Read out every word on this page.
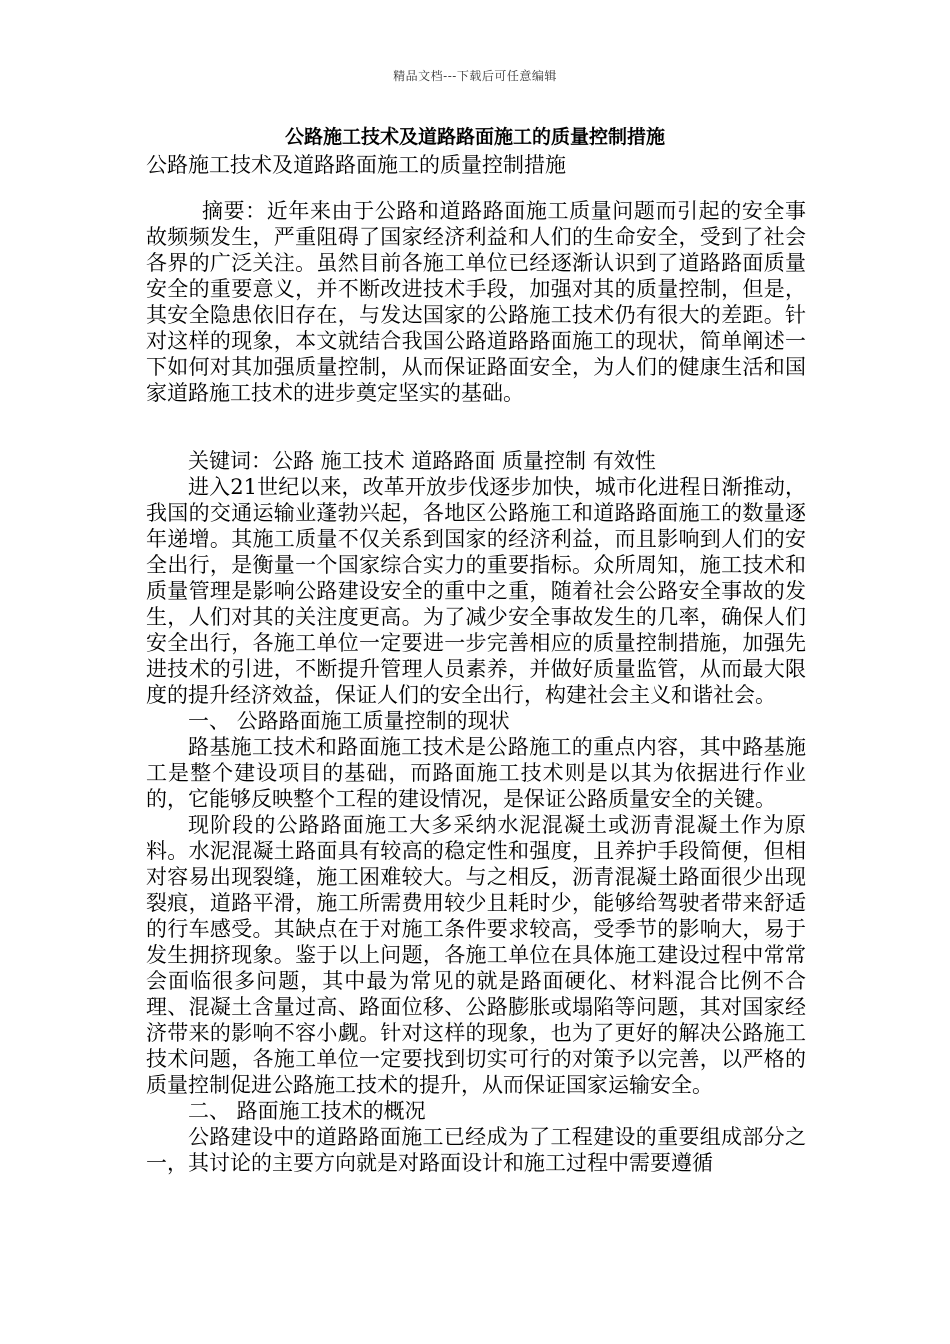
精品文档---下载后可任意编辑
公路施工技术及道路路面施工的质量控制措施
公路施工技术及道路路面施工的质量控制措施

摘要：近年来由于公路和道路路面施工质量问题而引起的安全事故频频发生，严重阻碍了国家经济利益和人们的生命安全，受到了社会各界的广泛关注。虽然目前各施工单位已经逐渐认识到了道路路面质量安全的重要意义，并不断改进技术手段，加强对其的质量控制，但是，其安全隐患依旧存在，与发达国家的公路施工技术仍有很大的差距。针对这样的现象，本文就结合我国公路道路路面施工的现状，简单阐述一下如何对其加强质量控制，从而保证路面安全，为人们的健康生活和国家道路施工技术的进步奠定坚实的基础。

关键词：公路 施工技术 道路路面 质量控制 有效性

进入21世纪以来，改革开放步伐逐步加快，城市化进程日渐推动，我国的交通运输业蓬勃兴起，各地区公路施工和道路路面施工的数量逐年递增。其施工质量不仅关系到国家的经济利益，而且影响到人们的安全出行，是衡量一个国家综合实力的重要指标。众所周知，施工技术和质量管理是影响公路建设安全的重中之重，随着社会公路安全事故的发生，人们对其的关注度更高。为了减少安全事故发生的几率，确保人们安全出行，各施工单位一定要进一步完善相应的质量控制措施，加强先进技术的引进，不断提升管理人员素养，并做好质量监管，从而最大限度的提升经济效益，保证人们的安全出行，构建社会主义和谐社会。

一、 公路路面施工质量控制的现状

路基施工技术和路面施工技术是公路施工的重点内容，其中路基施工是整个建设项目的基础，而路面施工技术则是以其为依据进行作业的，它能够反映整个工程的建设情况，是保证公路质量安全的关键。

现阶段的公路路面施工大多采纳水泥混凝土或沥青混凝土作为原料。水泥混凝土路面具有较高的稳定性和强度，且养护手段简便，但相对容易出现裂缝，施工困难较大。与之相反，沥青混凝土路面很少出现裂痕，道路平滑，施工所需费用较少且耗时少，能够给驾驶者带来舒适的行车感受。其缺点在于对施工条件要求较高，受季节的影响大，易于发生拥挤现象。鉴于以上问题，各施工单位在具体施工建设过程中常常会面临很多问题，其中最为常见的就是路面硬化、材料混合比例不合理、混凝土含量过高、路面位移、公路膨胀或塌陷等问题，其对国家经济带来的影响不容小觑。针对这样的现象，也为了更好的解决公路施工技术问题，各施工单位一定要找到切实可行的对策予以完善，以严格的质量控制促进公路施工技术的提升，从而保证国家运输安全。

二、 路面施工技术的概况

公路建设中的道路路面施工已经成为了工程建设的重要组成部分之一，其讨论的主要方向就是对路面设计和施工过程中需要遵循
